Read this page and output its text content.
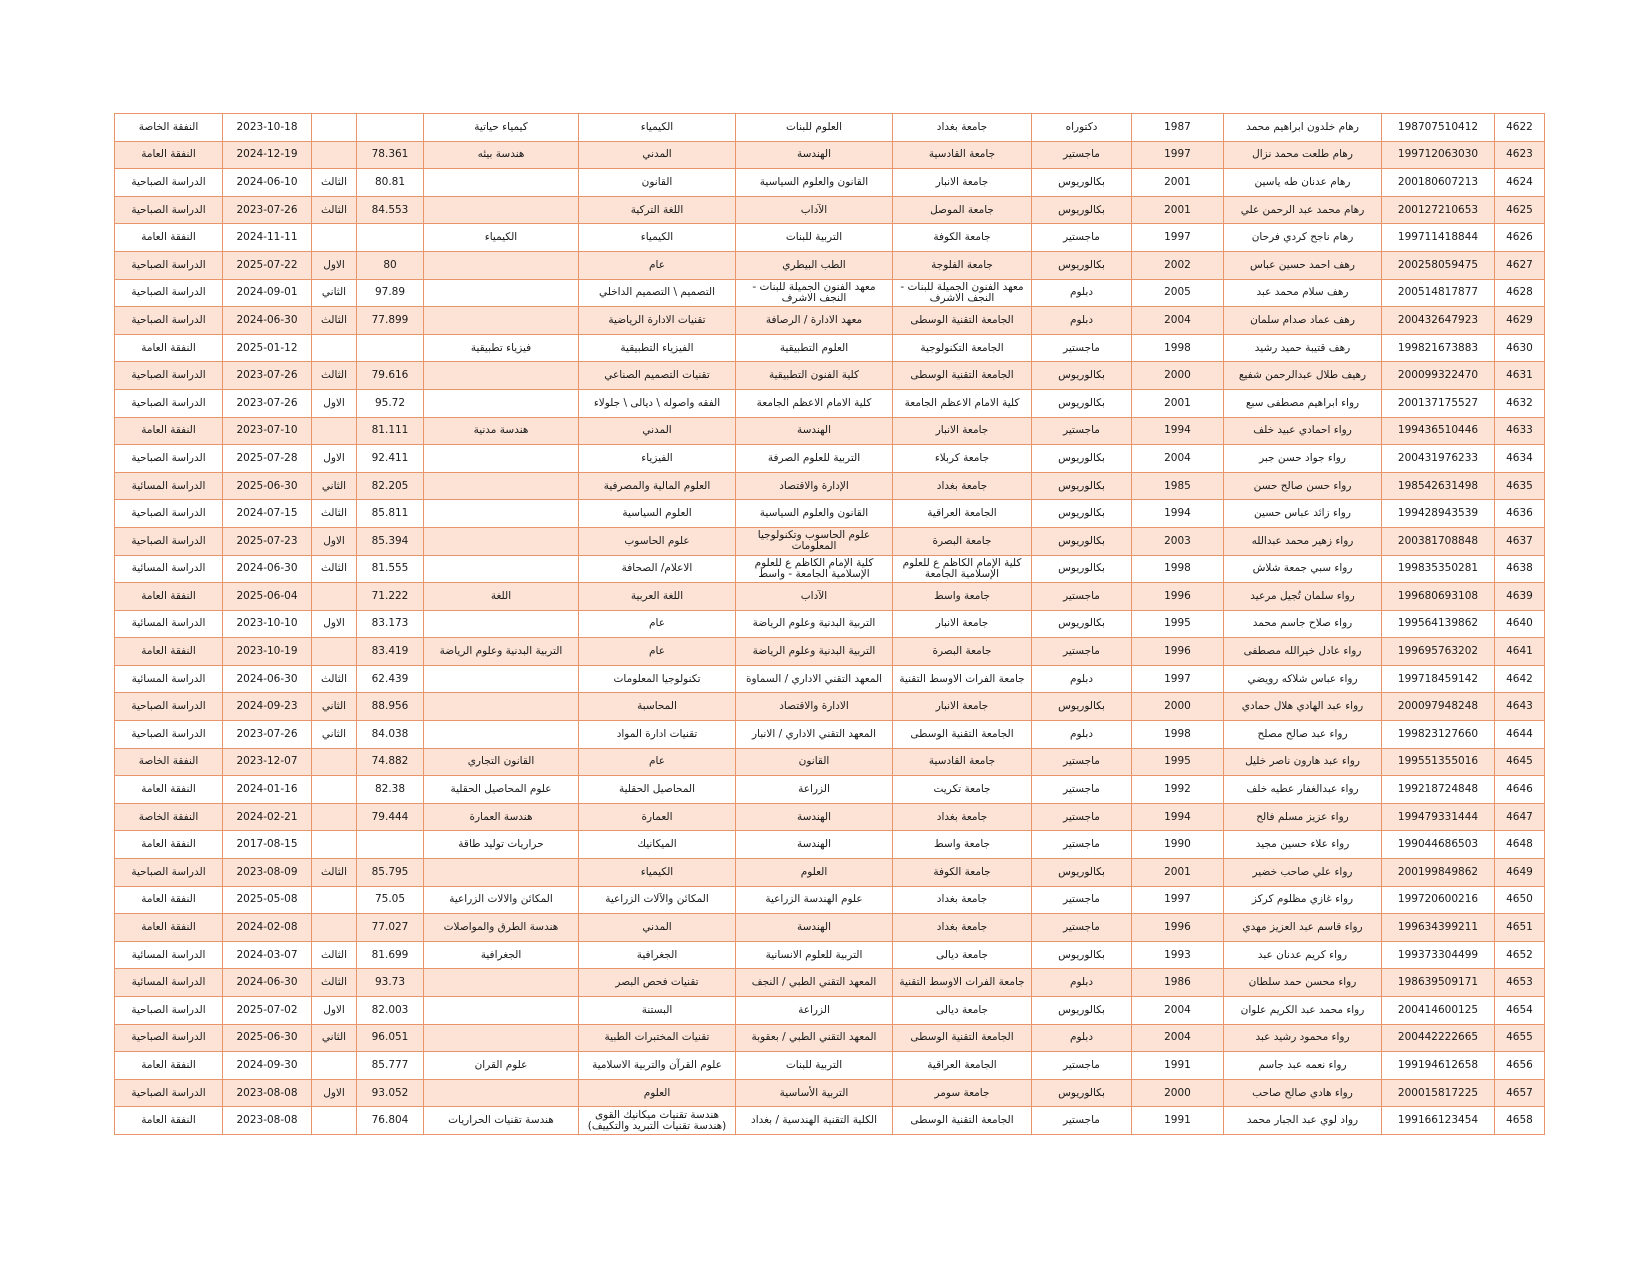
4622	198707510412	رهام خلدون ابراهيم محمد	1987	دكتوراه	جامعة بغداد	العلوم للبنات	الكيمياء	كيمياء حياتية			2023-10-18	النفقة الخاصة
4623	199712063030	رهام طلعت محمد نزال	1997	ماجستير	جامعة القادسية	الهندسة	المدني	هندسة بيئه	78.361		2024-12-19	النفقة العامة
4624	200180607213	رهام عدنان طه ياسين	2001	بكالوريوس	جامعة الانبار	القانون والعلوم السياسية	القانون		80.81	الثالث	2024-06-10	الدراسة الصباحية
4625	200127210653	رهام محمد عبد الرحمن علي	2001	بكالوريوس	جامعة الموصل	الآداب	اللغة التركية		84.553	الثالث	2023-07-26	الدراسة الصباحية
4626	199711418844	رهام ناجح كردي فرحان	1997	ماجستير	جامعة الكوفة	التربية للبنات	الكيمياء	الكيمياء			2024-11-11	النفقة العامة
4627	200258059475	رهف احمد حسين عباس	2002	بكالوريوس	جامعة الفلوجة	الطب البيطري	عام		80	الاول	2025-07-22	الدراسة الصباحية
4628	200514817877	رهف سلام محمد عبد	2005	دبلوم	معهد الفنون الجميلة للبنات - النجف الاشرف	معهد الفنون الجميلة للبنات - النجف الاشرف	التصميم \ التصميم الداخلي		97.89	الثاني	2024-09-01	الدراسة الصباحية
4629	200432647923	رهف عماد صدام سلمان	2004	دبلوم	الجامعة التقنية الوسطى	معهد الادارة / الرصافة	تقنيات الادارة الرياضية		77.899	الثالث	2024-06-30	الدراسة الصباحية
4630	199821673883	رهف قتيبة حميد رشيد	1998	ماجستير	الجامعة التكنولوجية	العلوم التطبيقية	الفيزياء التطبيقية	فيزياء تطبيقية			2025-01-12	النفقة العامة
4631	200099322470	رهيف طلال عبدالرحمن شفيع	2000	بكالوريوس	الجامعة التقنية الوسطى	كلية الفنون التطبيقية	تقنيات التصميم الصناعي		79.616	الثالث	2023-07-26	الدراسة الصباحية
4632	200137175527	رواء ابراهيم مصطفى سبع	2001	بكالوريوس	كلية الامام الاعظم الجامعة	كلية الامام الاعظم الجامعة	الفقه واصوله \ ديالى \ جلولاء		95.72	الاول	2023-07-26	الدراسة الصباحية
4633	199436510446	رواء احمادي عبيد خلف	1994	ماجستير	جامعة الانبار	الهندسة	المدني	هندسة مدنية	81.111		2023-07-10	النفقة العامة
4634	200431976233	رواء جواد حسن جبر	2004	بكالوريوس	جامعة كربلاء	التربية للعلوم الصرفة	الفيزياء		92.411	الاول	2025-07-28	الدراسة الصباحية
4635	198542631498	رواء حسن صالح حسن	1985	بكالوريوس	جامعة بغداد	الإدارة والاقتصاد	العلوم المالية والمصرفية		82.205	الثاني	2025-06-30	الدراسة المسائية
4636	199428943539	رواء زائد عباس حسين	1994	بكالوريوس	الجامعة العراقية	القانون والعلوم السياسية	العلوم السياسية		85.811	الثالث	2024-07-15	الدراسة الصباحية
4637	200381708848	رواء زهير محمد عبدالله	2003	بكالوريوس	جامعة البصرة	علوم الحاسوب وتكنولوجيا المعلومات	علوم الحاسوب		85.394	الاول	2025-07-23	الدراسة الصباحية
4638	199835350281	رواء سبي جمعة شلاش	1998	بكالوريوس	كلية الإمام الكاظم ع للعلوم الإسلامية الجامعة	كلية الإمام الكاظم ع للعلوم الإسلامية الجامعة - واسط	الاعلام/ الصحافة		81.555	الثالث	2024-06-30	الدراسة المسائية
4639	199680693108	رواء سلمان تُجيل مرعيد	1996	ماجستير	جامعة واسط	الآداب	اللغة العربية	اللغة	71.222		2025-06-04	النفقة العامة
4640	199564139862	رواء صلاح جاسم محمد	1995	بكالوريوس	جامعة الانبار	التربية البدنية وعلوم الرياضة	عام		83.173	الاول	2023-10-10	الدراسة المسائية
4641	199695763202	رواء عادل خيرالله مصطفى	1996	ماجستير	جامعة البصرة	التربية البدنية وعلوم الرياضة	عام	التربية البدنية وعلوم الرياضة	83.419		2023-10-19	النفقة العامة
4642	199718459142	رواء عباس شلاكه رويضي	1997	دبلوم	جامعة الفرات الاوسط التقنية	المعهد التقني الاداري / السماوة	تكنولوجيا المعلومات		62.439	الثالث	2024-06-30	الدراسة المسائية
4643	200097948248	رواء عبد الهادي هلال حمادي	2000	بكالوريوس	جامعة الانبار	الادارة والاقتصاد	المحاسبة		88.956	الثاني	2024-09-23	الدراسة الصباحية
4644	199823127660	رواء عبد صالح مصلح	1998	دبلوم	الجامعة التقنية الوسطى	المعهد التقني الاداري / الانبار	تقنيات ادارة المواد		84.038	الثاني	2023-07-26	الدراسة الصباحية
4645	199551355016	رواء عبد هارون ناصر خليل	1995	ماجستير	جامعة القادسية	القانون	عام	القانون التجاري	74.882		2023-12-07	النفقة الخاصة
4646	199218724848	رواء عبدالغفار عطيه خلف	1992	ماجستير	جامعة تكريت	الزراعة	المحاصيل الحقلية	علوم المحاصيل الحقلية	82.38		2024-01-16	النفقة العامة
4647	199479331444	رواء عزيز مسلم فالح	1994	ماجستير	جامعة بغداد	الهندسة	العمارة	هندسة العمارة	79.444		2024-02-21	النفقة الخاصة
4648	199044686503	رواء علاء حسين مجيد	1990	ماجستير	جامعة واسط	الهندسة	الميكانيك	حراريات توليد طاقة			2017-08-15	النفقة العامة
4649	200199849862	رواء علي صاحب خضير	2001	بكالوريوس	جامعة الكوفة	العلوم	الكيمياء		85.795	الثالث	2023-08-09	الدراسة الصباحية
4650	199720600216	رواء غازي مظلوم كركز	1997	ماجستير	جامعة بغداد	علوم الهندسة الزراعية	المكائن والآلات الزراعية	المكائن والالات الزراعية	75.05		2025-05-08	النفقة العامة
4651	199634399211	رواء قاسم عبد العزيز مهدي	1996	ماجستير	جامعة بغداد	الهندسة	المدني	هندسة الطرق والمواصلات	77.027		2024-02-08	النفقة العامة
4652	199373304499	رواء كريم عدنان عبد	1993	بكالوريوس	جامعة ديالى	التربية للعلوم الانسانية	الجغرافية	الجغرافية	81.699	الثالث	2024-03-07	الدراسة المسائية
4653	198639509171	رواء محسن حمد سلطان	1986	دبلوم	جامعة الفرات الاوسط التقنية	المعهد التقني الطبي / النجف	تقنيات فحص البصر		93.73	الثالث	2024-06-30	الدراسة المسائية
4654	200414600125	رواء محمد عبد الكريم علوان	2004	بكالوريوس	جامعة ديالى	الزراعة	البستنة		82.003	الاول	2025-07-02	الدراسة الصباحية
4655	200442222665	رواء محمود رشيد عبد	2004	دبلوم	الجامعة التقنية الوسطى	المعهد التقني الطبي / بعقوبة	تقنيات المختبرات الطبية		96.051	الثاني	2025-06-30	الدراسة الصباحية
4656	199194612658	رواء نعمه عبد جاسم	1991	ماجستير	الجامعة العراقية	التربية للبنات	علوم القرآن والتربية الاسلامية	علوم القران	85.777		2024-09-30	النفقة العامة
4657	200015817225	رواء هادي صالح صاحب	2000	بكالوريوس	جامعة سومر	التربية الأساسية	العلوم		93.052	الاول	2023-08-08	الدراسة الصباحية
4658	199166123454	رواد لوي عبد الجبار محمد	1991	ماجستير	الجامعة التقنية الوسطى	الكلية التقنية الهندسية / بغداد	هندسة تقنيات ميكانيك القوى (هندسة تقنيات التبريد والتكييف)	هندسة تقنيات الحراريات	76.804		2023-08-08	النفقة العامة
